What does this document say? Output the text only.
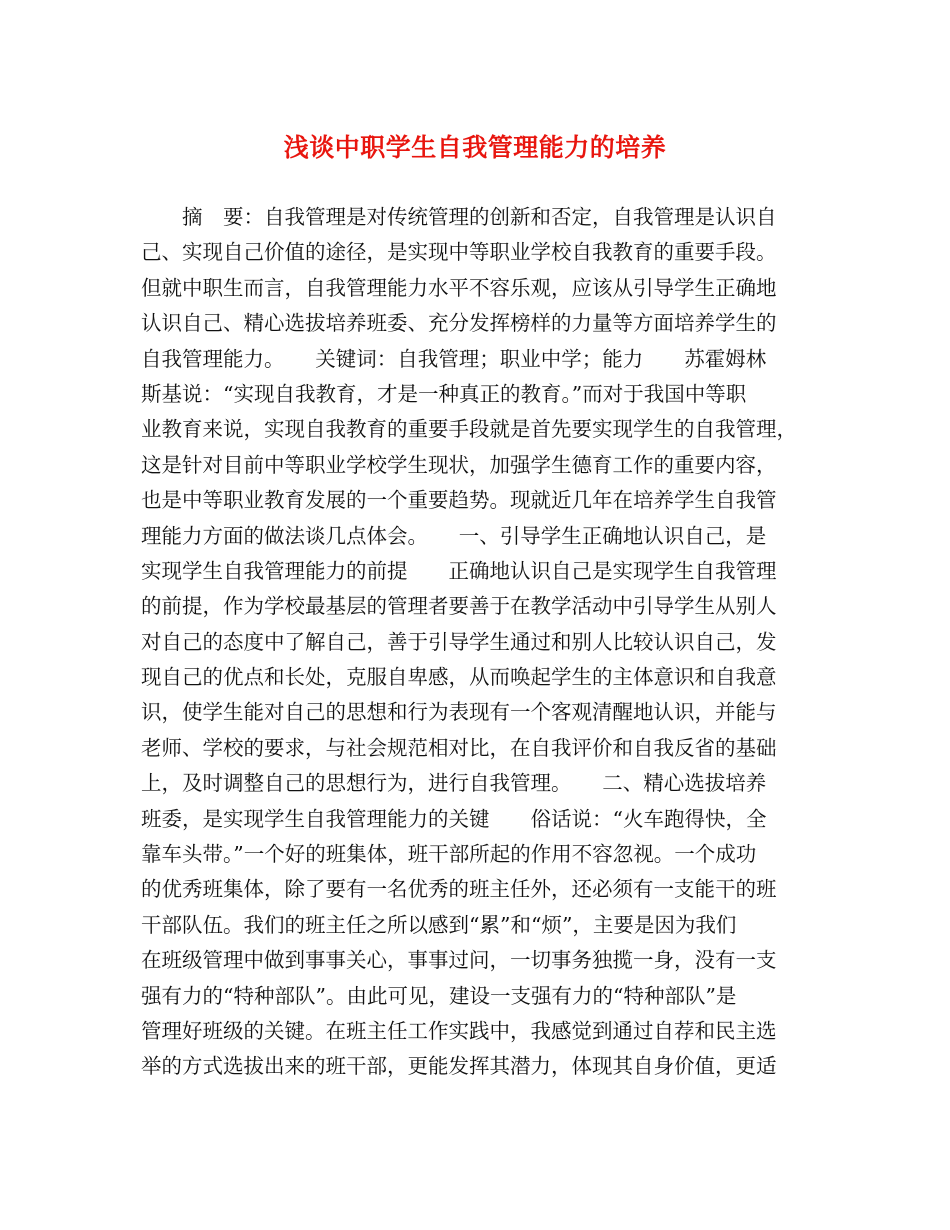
浅谈中职学生自我管理能力的培养
　　摘　要：自我管理是对传统管理的创新和否定，自我管理是认识自
己、实现自己价值的途径，是实现中等职业学校自我教育的重要手段。
但就中职生而言，自我管理能力水平不容乐观，应该从引导学生正确地
认识自己、精心选拔培养班委、充分发挥榜样的力量等方面培养学生的
自我管理能力。　　关键词：自我管理；职业中学；能力　　苏霍姆林
斯基说：“实现自我教育，才是一种真正的教育。”而对于我国中等职
业教育来说，实现自我教育的重要手段就是首先要实现学生的自我管理，
这是针对目前中等职业学校学生现状，加强学生德育工作的重要内容，
也是中等职业教育发展的一个重要趋势。现就近几年在培养学生自我管
理能力方面的做法谈几点体会。　　一、引导学生正确地认识自己，是
实现学生自我管理能力的前提　　正确地认识自己是实现学生自我管理
的前提，作为学校最基层的管理者要善于在教学活动中引导学生从别人
对自己的态度中了解自己，善于引导学生通过和别人比较认识自己，发
现自己的优点和长处，克服自卑感，从而唤起学生的主体意识和自我意
识，使学生能对自己的思想和行为表现有一个客观清醒地认识，并能与
老师、学校的要求，与社会规范相对比，在自我评价和自我反省的基础
上，及时调整自己的思想行为，进行自我管理。　　二、精心选拔培养
班委，是实现学生自我管理能力的关键　　俗话说：“火车跑得快，全
靠车头带。”一个好的班集体，班干部所起的作用不容忽视。一个成功
的优秀班集体，除了要有一名优秀的班主任外，还必须有一支能干的班
干部队伍。我们的班主任之所以感到“累”和“烦”，主要是因为我们
在班级管理中做到事事关心，事事过问，一切事务独揽一身，没有一支
强有力的“特种部队”。由此可见，建设一支强有力的“特种部队”是
管理好班级的关键。在班主任工作实践中，我感觉到通过自荐和民主选
举的方式选拔出来的班干部，更能发挥其潜力，体现其自身价值，更适
